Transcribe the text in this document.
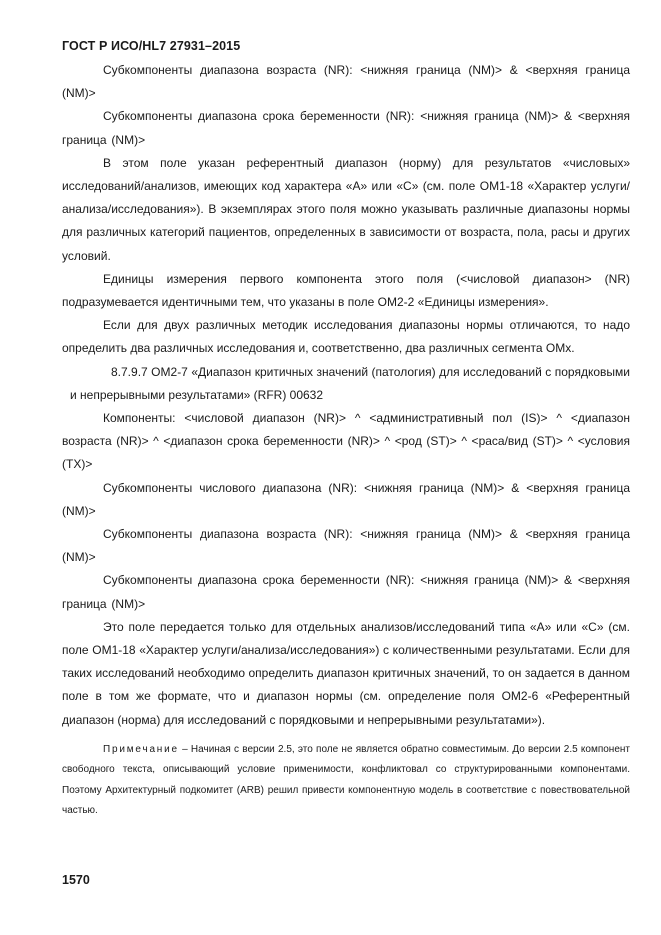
ГОСТ Р ИСО/HL7 27931–2015

Субкомпоненты диапазона возраста (NR): <нижняя граница (NM)> & <верхняя граница (NM)>

Субкомпоненты диапазона срока беременности (NR): <нижняя граница (NM)> & <верхняя граница (NM)>

В этом поле указан референтный диапазон (норму) для результатов «числовых» исследований/анализов, имеющих код характера «A» или «C» (см. поле OM1-18 «Характер услуги/анализа/исследования»). В экземплярах этого поля можно указывать различные диапазоны нормы для различных категорий пациентов, определенных в зависимости от возраста, пола, расы и других условий.

Единицы измерения первого компонента этого поля (<числовой диапазон> (NR) подразумевается идентичными тем, что указаны в поле OM2-2 «Единицы измерения».

Если для двух различных методик исследования диапазоны нормы отличаются, то надо определить два различных исследования и, соответственно, два различных сегмента OMx.

8.7.9.7 OM2-7 «Диапазон критичных значений (патология) для исследований с порядковыми и непрерывными результатами» (RFR) 00632

Компоненты: <числовой диапазон (NR)> ^ <административный пол (IS)> ^ <диапазон возраста (NR)> ^ <диапазон срока беременности (NR)> ^ <род (ST)> ^ <раса/вид (ST)> ^ <условия (TX)>

Субкомпоненты числового диапазона (NR): <нижняя граница (NM)> & <верхняя граница (NM)>

Субкомпоненты диапазона возраста (NR): <нижняя граница (NM)> & <верхняя граница (NM)>

Субкомпоненты диапазона срока беременности (NR): <нижняя граница (NM)> & <верхняя граница (NM)>

Это поле передается только для отдельных анализов/исследований типа «A» или «C» (см. поле OM1-18 «Характер услуги/анализа/исследования») с количественными результатами. Если для таких исследований необходимо определить диапазон критичных значений, то он задается в данном поле в том же формате, что и диапазон нормы (см. определение поля OM2-6 «Референтный диапазон (норма) для исследований с порядковыми и непрерывными результатами»).

Примечание – Начиная с версии 2.5, это поле не является обратно совместимым. До версии 2.5 компонент свободного текста, описывающий условие применимости, конфликтовал со структурированными компонентами. Поэтому Архитектурный подкомитет (ARB) решил привести компонентную модель в соответствие с повествовательной частью.

1570
